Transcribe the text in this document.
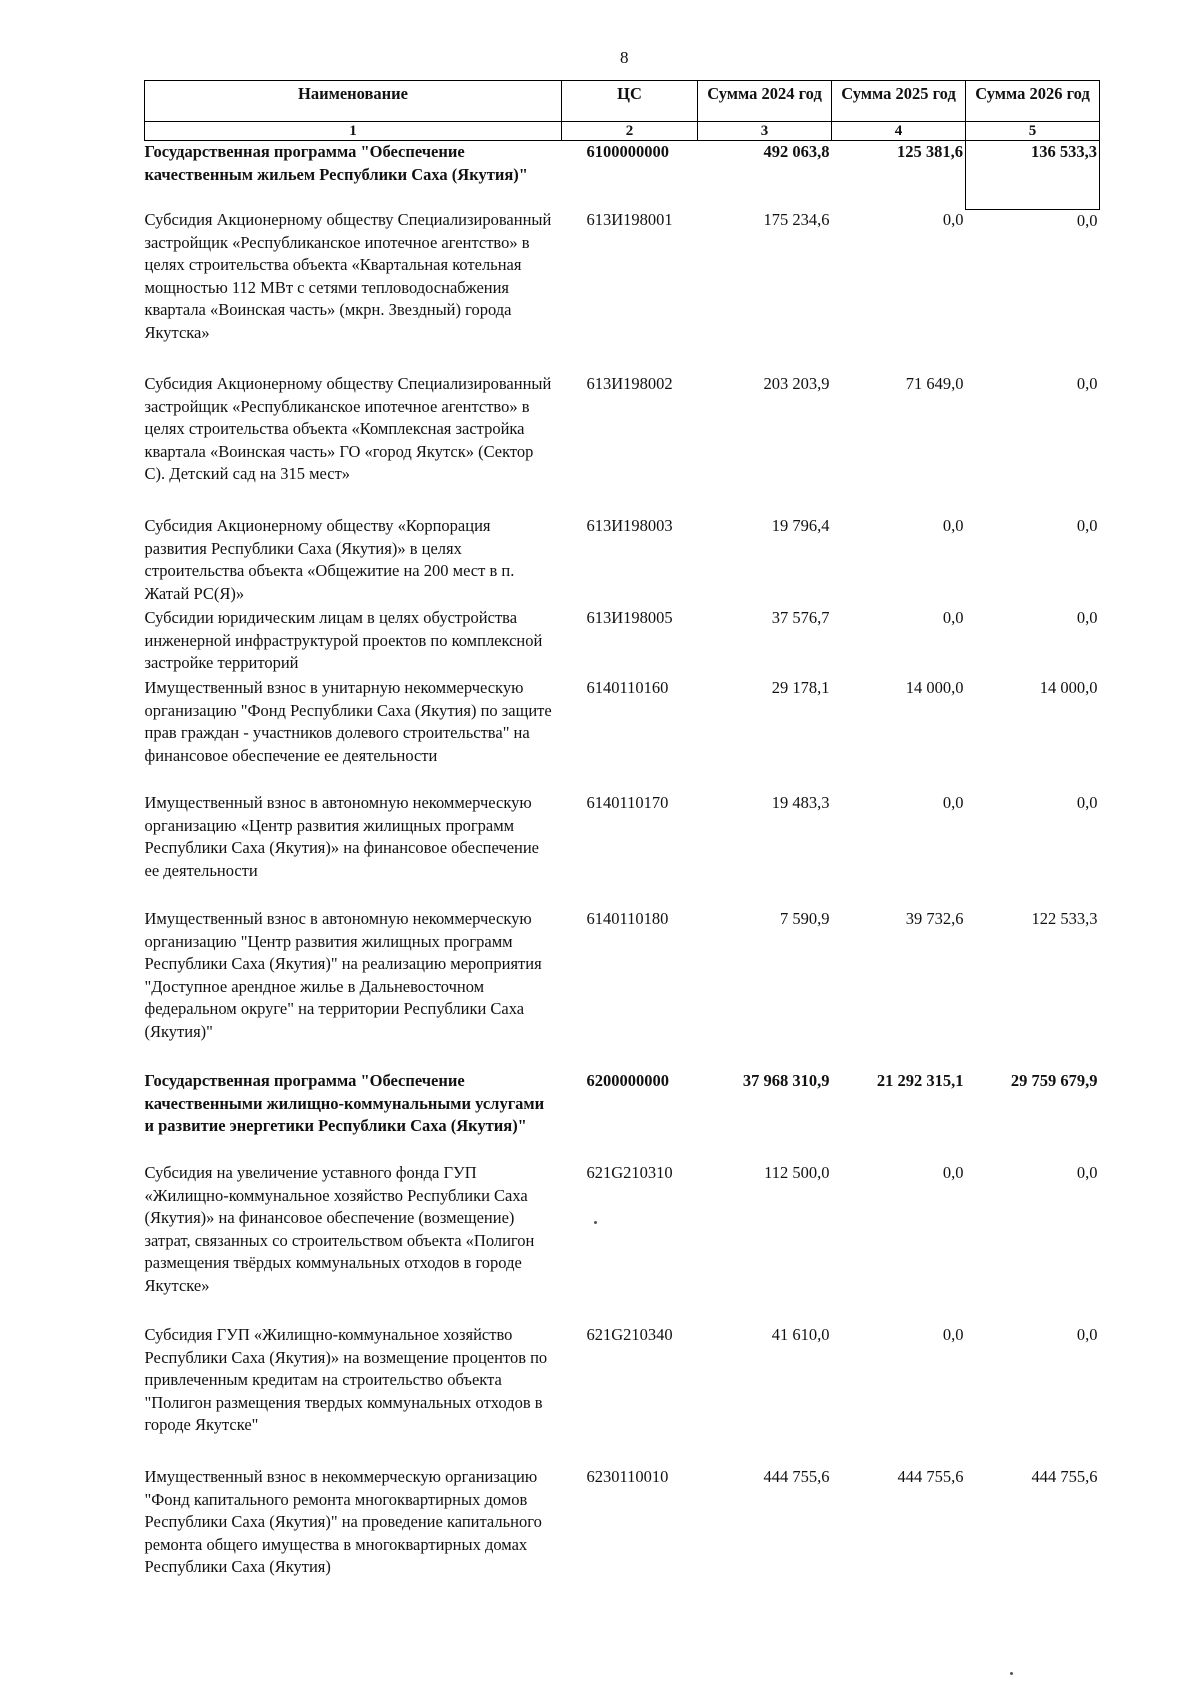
8
Наименование	ЦС	Сумма 2024 год	Сумма 2025 год	Сумма 2026 год
1	2	3	4	5
Государственная программа "Обеспечение качественным жильем Республики Саха (Якутия)"	6100000000	492 063,8	125 381,6	136 533,3
Субсидия Акционерному обществу Специализированный застройщик «Республиканское ипотечное агентство» в целях строительства объекта «Квартальная котельная мощностью 112 МВт с сетями тепловодоснабжения квартала «Воинская часть» (мкрн. Звездный) города Якутска»	613И198001	175 234,6	0,0	0,0
Субсидия Акционерному обществу Специализированный застройщик «Республиканское ипотечное агентство» в целях строительства объекта «Комплексная застройка квартала «Воинская часть» ГО «город Якутск» (Сектор С). Детский сад на 315 мест»	613И198002	203 203,9	71 649,0	0,0
Субсидия Акционерному обществу «Корпорация развития Республики Саха (Якутия)» в целях строительства объекта «Общежитие на 200 мест в п. Жатай РС(Я)»	613И198003	19 796,4	0,0	0,0
Субсидии юридическим лицам в целях обустройства инженерной инфраструктурой проектов по комплексной застройке территорий	613И198005	37 576,7	0,0	0,0
Имущественный взнос в унитарную некоммерческую организацию "Фонд Республики Саха (Якутия) по защите прав граждан - участников долевого строительства" на финансовое обеспечение ее деятельности	6140110160	29 178,1	14 000,0	14 000,0
Имущественный взнос в автономную некоммерческую организацию «Центр развития жилищных программ Республики Саха (Якутия)» на финансовое обеспечение ее деятельности	6140110170	19 483,3	0,0	0,0
Имущественный взнос в автономную некоммерческую организацию "Центр развития жилищных программ Республики Саха (Якутия)" на реализацию мероприятия "Доступное арендное жилье в Дальневосточном федеральном округе" на территории Республики Саха (Якутия)"	6140110180	7 590,9	39 732,6	122 533,3
Государственная программа "Обеспечение качественными жилищно-коммунальными услугами и развитие энергетики Республики Саха (Якутия)"	6200000000	37 968 310,9	21 292 315,1	29 759 679,9
Субсидия на увеличение уставного фонда ГУП «Жилищно-коммунальное хозяйство Республики Саха (Якутия)» на финансовое обеспечение (возмещение) затрат, связанных со строительством объекта «Полигон размещения твёрдых коммунальных отходов в городе Якутске»	621G210310	112 500,0	0,0	0,0
Субсидия ГУП «Жилищно-коммунальное хозяйство Республики Саха (Якутия)» на возмещение процентов по привлеченным кредитам на строительство объекта "Полигон размещения твердых коммунальных отходов в городе Якутске"	621G210340	41 610,0	0,0	0,0
Имущественный взнос в некоммерческую организацию "Фонд капитального ремонта многоквартирных домов Республики Саха (Якутия)" на проведение капитального ремонта общего имущества в многоквартирных домах Республики Саха (Якутия)	6230110010	444 755,6	444 755,6	444 755,6
